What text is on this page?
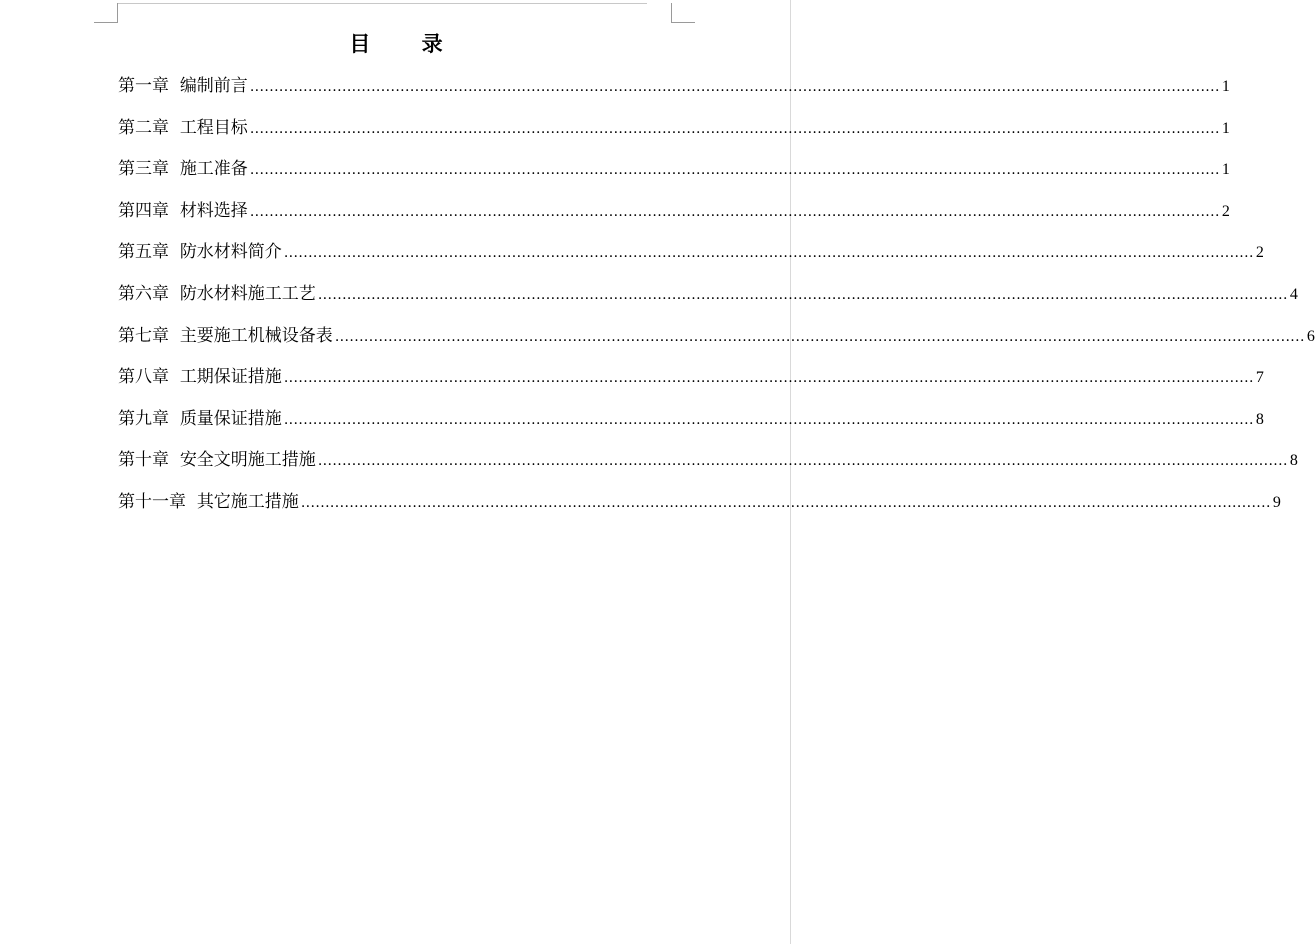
目 录
第一章
编制前言 ........................................................................................................................................................................................................ 1
第二章
工程目标 ........................................................................................................................................................................................................ 1
第三章
施工准备 ........................................................................................................................................................................................................ 1
第四章
材料选择 ........................................................................................................................................................................................................ 2
第五章
防水材料简介 ........................................................................................................................................................................................................ 2
第六章
防水材料施工工艺 ........................................................................................................................................................................................................ 4
第七章
主要施工机械设备表 ........................................................................................................................................................................................................ 6
第八章
工期保证措施 ........................................................................................................................................................................................................ 7
第九章
质量保证措施 ........................................................................................................................................................................................................ 8
第十章
安全文明施工措施 ........................................................................................................................................................................................................ 8
第十一章
其它施工措施 ........................................................................................................................................................................................................ 9
